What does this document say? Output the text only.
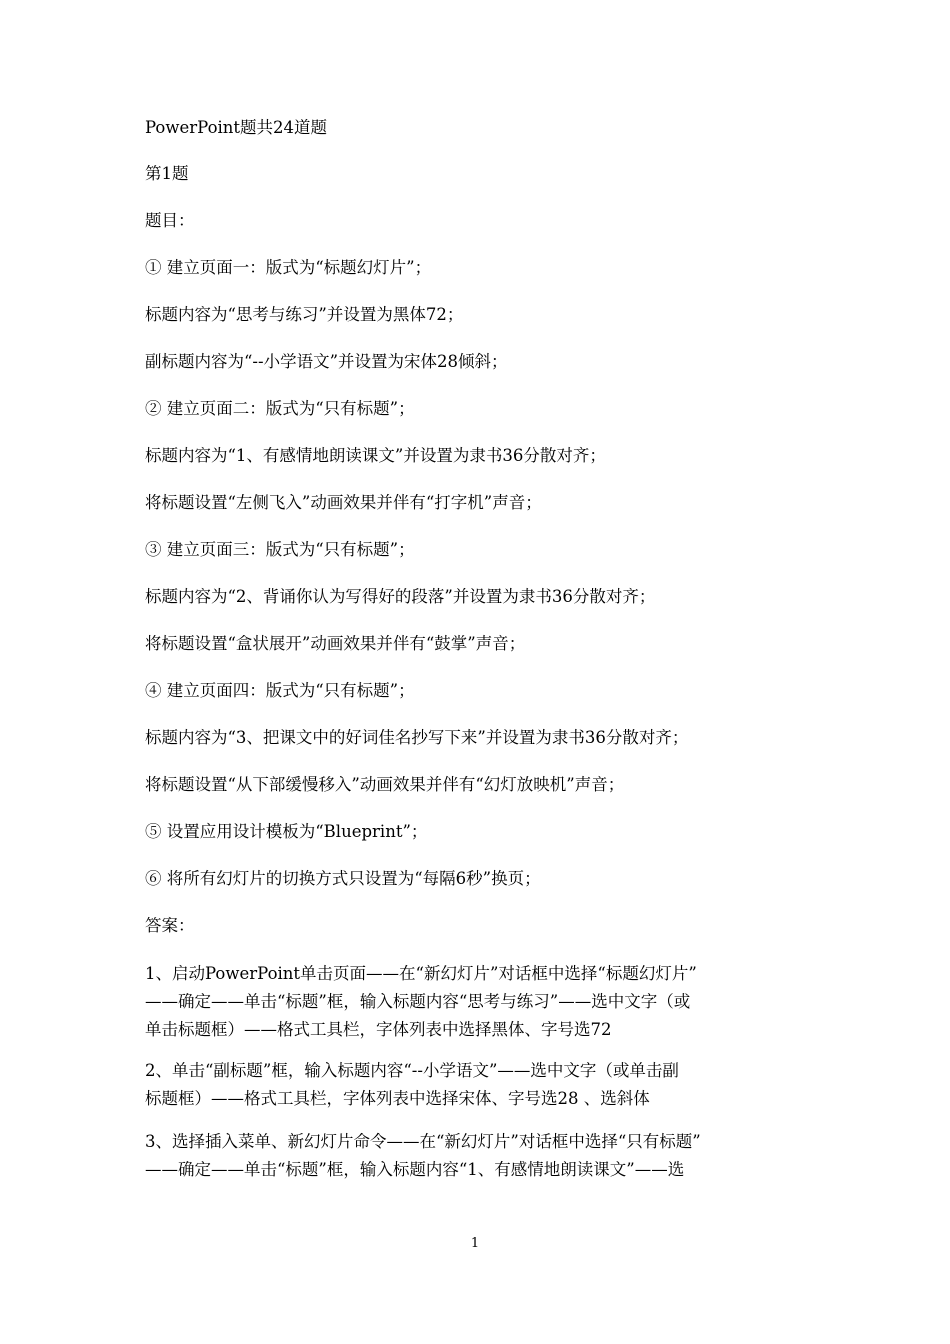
PowerPoint题共24道题
第1题
题目：
① 建立页面一：版式为“标题幻灯片”；
标题内容为“思考与练习”并设置为黑体72；
副标题内容为“--小学语文”并设置为宋体28倾斜；
② 建立页面二：版式为“只有标题”；
标题内容为“1、有感情地朗读课文”并设置为隶书36分散对齐；
将标题设置“左侧飞入”动画效果并伴有“打字机”声音；
③ 建立页面三：版式为“只有标题”；
标题内容为“2、背诵你认为写得好的段落”并设置为隶书36分散对齐；
将标题设置“盒状展开”动画效果并伴有“鼓掌”声音；
④ 建立页面四：版式为“只有标题”；
标题内容为“3、把课文中的好词佳名抄写下来”并设置为隶书36分散对齐；
将标题设置“从下部缓慢移入”动画效果并伴有“幻灯放映机”声音；
⑤ 设置应用设计模板为“Blueprint”；
⑥ 将所有幻灯片的切换方式只设置为“每隔6秒”换页；
答案：
1、启动PowerPoint单击页面——在“新幻灯片”对话框中选择“标题幻灯片”
——确定——单击“标题”框，输入标题内容“思考与练习”——选中文字（或
单击标题框）——格式工具栏，字体列表中选择黑体、字号选72
2、单击“副标题”框，输入标题内容“--小学语文”——选中文字（或单击副
标题框）——格式工具栏，字体列表中选择宋体、字号选28 、选斜体
3、选择插入菜单、新幻灯片命令——在“新幻灯片”对话框中选择“只有标题”
——确定——单击“标题”框，输入标题内容“1、有感情地朗读课文”——选
1
